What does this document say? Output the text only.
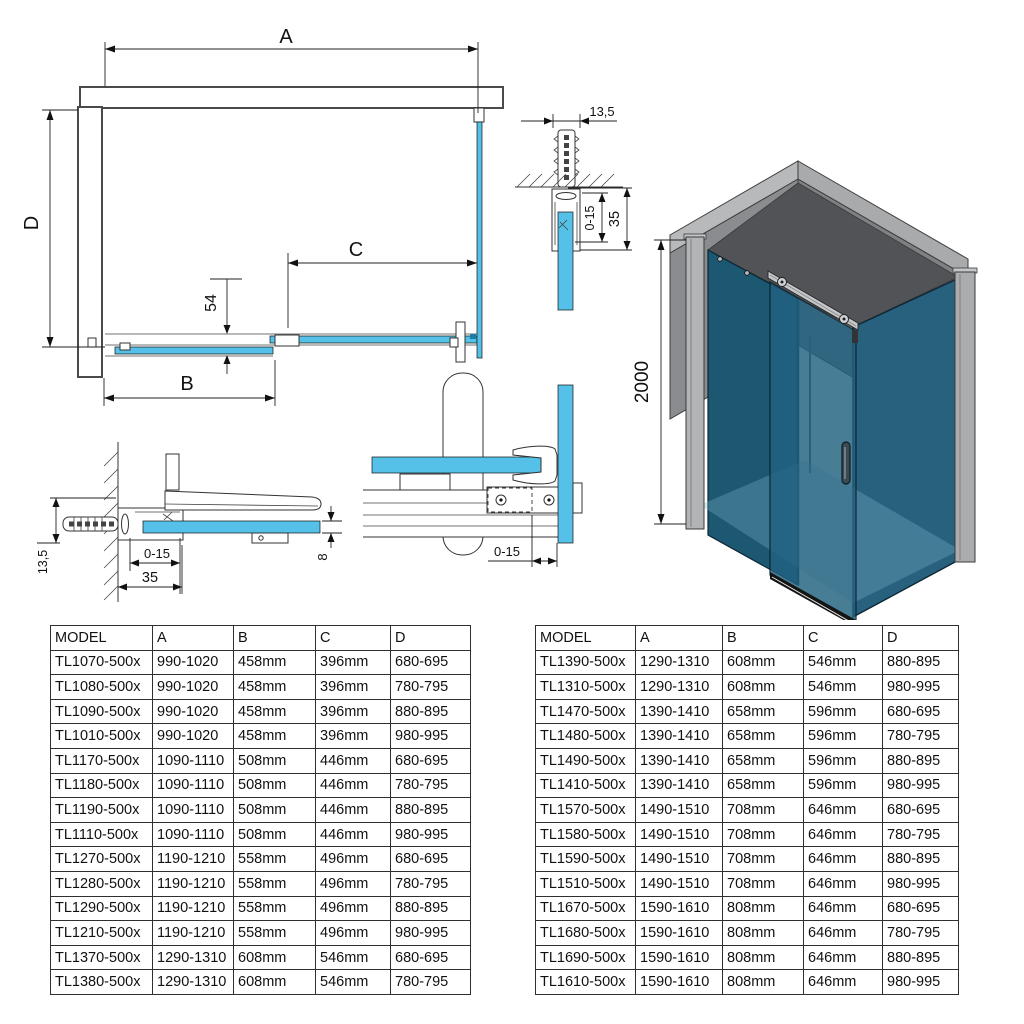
A
D
C
B
54
13,5
0-15 35
2000
13,5	0-15
35
8	0-15
MODEL	A	B	C	D
TL1070-500x	990-1020	458mm	396mm	680-695
TL1080-500x	990-1020	458mm	396mm	780-795
TL1090-500x	990-1020	458mm	396mm	880-895
TL1010-500x	990-1020	458mm	396mm	980-995
TL1170-500x	1090-1110	508mm	446mm	680-695
TL1180-500x	1090-1110	508mm	446mm	780-795
TL1190-500x	1090-1110	508mm	446mm	880-895
TL1110-500x	1090-1110	508mm	446mm	980-995
TL1270-500x	1190-1210	558mm	496mm	680-695
TL1280-500x	1190-1210	558mm	496mm	780-795
TL1290-500x	1190-1210	558mm	496mm	880-895
TL1210-500x	1190-1210	558mm	496mm	980-995
TL1370-500x	1290-1310	608mm	546mm	680-695
TL1380-500x	1290-1310	608mm	546mm	780-795
MODEL	A	B	C	D
TL1390-500x	1290-1310	608mm	546mm	880-895
TL1310-500x	1290-1310	608mm	546mm	980-995
TL1470-500x	1390-1410	658mm	596mm	680-695
TL1480-500x	1390-1410	658mm	596mm	780-795
TL1490-500x	1390-1410	658mm	596mm	880-895
TL1410-500x	1390-1410	658mm	596mm	980-995
TL1570-500x	1490-1510	708mm	646mm	680-695
TL1580-500x	1490-1510	708mm	646mm	780-795
TL1590-500x	1490-1510	708mm	646mm	880-895
TL1510-500x	1490-1510	708mm	646mm	980-995
TL1670-500x	1590-1610	808mm	646mm	680-695
TL1680-500x	1590-1610	808mm	646mm	780-795
TL1690-500x	1590-1610	808mm	646mm	880-895
TL1610-500x	1590-1610	808mm	646mm	980-995
